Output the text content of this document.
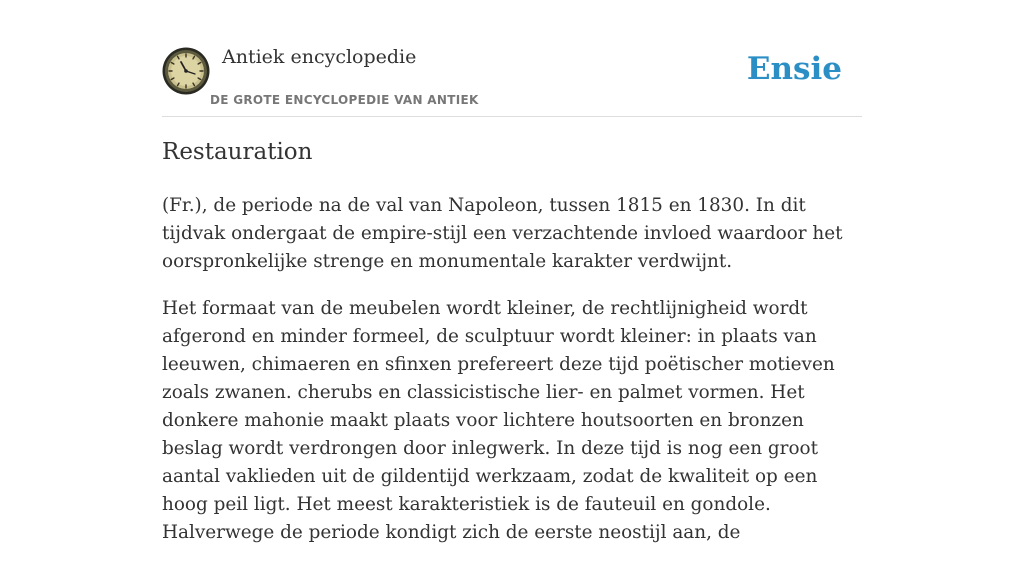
Antiek encyclopedie
DE GROTE ENCYCLOPEDIE VAN ANTIEK
Ensie
Restauration

(Fr.), de periode na de val van Napoleon, tussen 1815 en 1830. In dit tijdvak ondergaat de empire-stijl een verzachtende invloed waardoor het oorspronkelijke strenge en monumentale karakter verdwijnt.

Het formaat van de meubelen wordt kleiner, de rechtlijnigheid wordt afgerond en minder formeel, de sculptuur wordt kleiner: in plaats van leeuwen, chimaeren en sfinxen prefereert deze tijd poëtischer motieven zoals zwanen. cherubs en classicistische lier- en palmet vormen. Het donkere mahonie maakt plaats voor lichtere houtsoorten en bronzen beslag wordt verdrongen door inlegwerk. In deze tijd is nog een groot aantal vaklieden uit de gildentijd werkzaam, zodat de kwaliteit op een hoog peil ligt. Het meest karakteristiek is de fauteuil en gondole. Halverwege de periode kondigt zich de eerste neostijl aan, de
